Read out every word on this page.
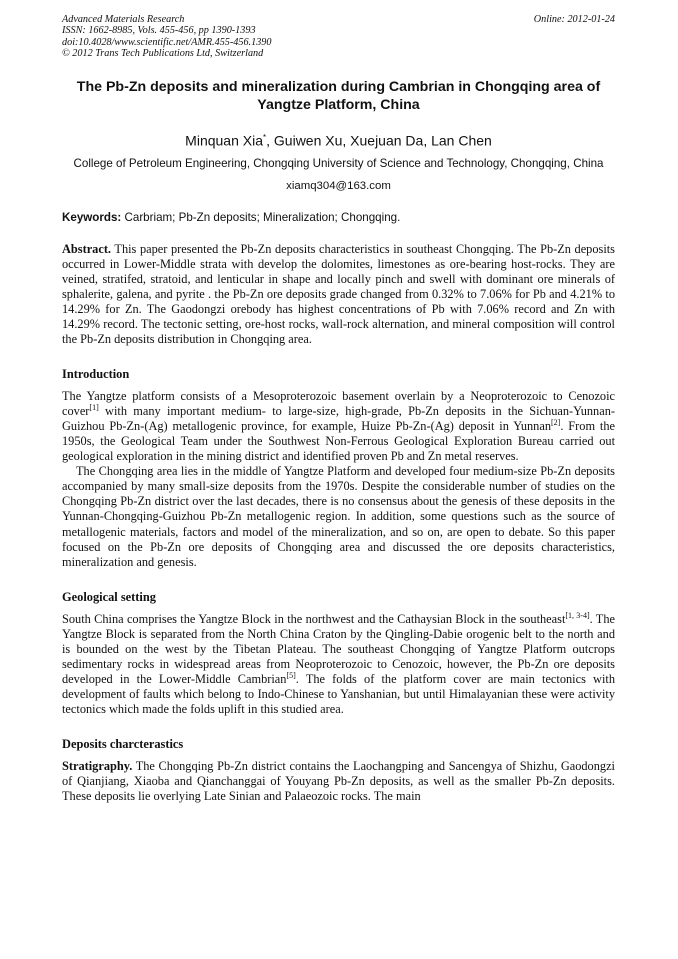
Advanced Materials Research
ISSN: 1662-8985, Vols. 455-456, pp 1390-1393
doi:10.4028/www.scientific.net/AMR.455-456.1390
© 2012 Trans Tech Publications Ltd, Switzerland
Online: 2012-01-24
The Pb-Zn deposits and mineralization during Cambrian in Chongqing area of Yangtze Platform, China
Minquan Xia*, Guiwen Xu, Xuejuan Da, Lan Chen
College of Petroleum Engineering, Chongqing University of Science and Technology, Chongqing, China
xiamq304@163.com
Keywords: Carbriam; Pb-Zn deposits; Mineralization; Chongqing.

Abstract. This paper presented the Pb-Zn deposits characteristics in southeast Chongqing. The Pb-Zn deposits occurred in Lower-Middle strata with develop the dolomites, limestones as ore-bearing host-rocks. They are veined, stratifed, stratoid, and lenticular in shape and locally pinch and swell with dominant ore minerals of sphalerite, galena, and pyrite . the Pb-Zn ore deposits grade changed from 0.32% to 7.06% for Pb and 4.21% to 14.29% for Zn. The Gaodongzi orebody has highest concentrations of Pb with 7.06% record and Zn with 14.29% record. The tectonic setting, ore-host rocks, wall-rock alternation, and mineral composition will control the Pb-Zn deposits distribution in Chongqing area.

Introduction

The Yangtze platform consists of a Mesoproterozoic basement overlain by a Neoproterozoic to Cenozoic cover[1] with many important medium- to large-size, high-grade, Pb-Zn deposits in the Sichuan-Yunnan-Guizhou Pb-Zn-(Ag) metallogenic province, for example, Huize Pb-Zn-(Ag) deposit in Yunnan[2]. From the 1950s, the Geological Team under the Southwest Non-Ferrous Geological Exploration Bureau carried out geological exploration in the mining district and identified proven Pb and Zn metal reserves.

The Chongqing area lies in the middle of Yangtze Platform and developed four medium-size Pb-Zn deposits accompanied by many small-size deposits from the 1970s. Despite the considerable number of studies on the Chongqing Pb-Zn district over the last decades, there is no consensus about the genesis of these deposits in the Yunnan-Chongqing-Guizhou Pb-Zn metallogenic region. In addition, some questions such as the source of metallogenic materials, factors and model of the mineralization, and so on, are open to debate. So this paper focused on the Pb-Zn ore deposits of Chongqing area and discussed the ore deposits characteristics, mineralization and genesis.

Geological setting

South China comprises the Yangtze Block in the northwest and the Cathaysian Block in the southeast[1, 3-4]. The Yangtze Block is separated from the North China Craton by the Qingling-Dabie orogenic belt to the north and is bounded on the west by the Tibetan Plateau. The southeast Chongqing of Yangtze Platform outcrops sedimentary rocks in widespread areas from Neoproterozoic to Cenozoic, however, the Pb-Zn ore deposits developed in the Lower-Middle Cambrian[5]. The folds of the platform cover are main tectonics with development of faults which belong to Indo-Chinese to Yanshanian, but until Himalayanian these were activity tectonics which made the folds uplift in this studied area.

Deposits charcterastics

Stratigraphy. The Chongqing Pb-Zn district contains the Laochangping and Sancengya of Shizhu, Gaodongzi of Qianjiang, Xiaoba and Qianchanggai of Youyang Pb-Zn deposits, as well as the smaller Pb-Zn deposits. These deposits lie overlying Late Sinian and Palaeozoic rocks. The main
